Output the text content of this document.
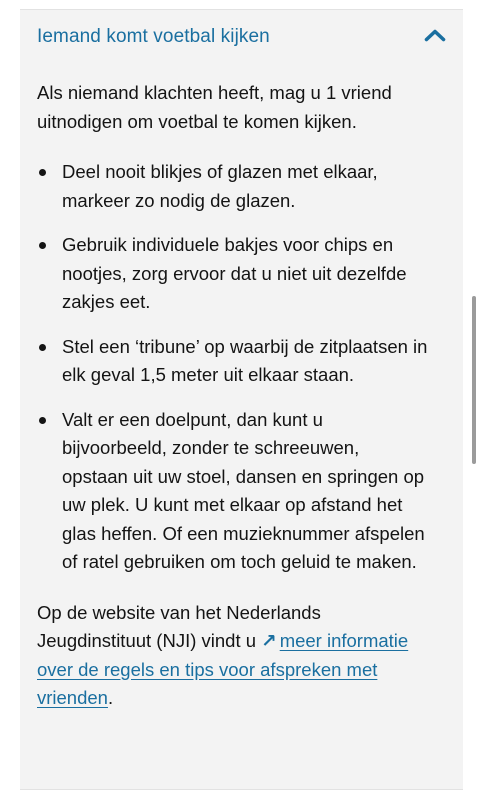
Iemand komt voetbal kijken

Als niemand klachten heeft, mag u 1 vriend uitnodigen om voetbal te komen kijken.

Deel nooit blikjes of glazen met elkaar, markeer zo nodig de glazen.
Gebruik individuele bakjes voor chips en nootjes, zorg ervoor dat u niet uit dezelfde zakjes eet.
Stel een ‘tribune’ op waarbij de zitplaatsen in elk geval 1,5 meter uit elkaar staan.
Valt er een doelpunt, dan kunt u bijvoorbeeld, zonder te schreeuwen, opstaan uit uw stoel, dansen en springen op uw plek. U kunt met elkaar op afstand het glas heffen. Of een muzieknummer afspelen of ratel gebruiken om toch geluid te maken.

Op de website van het Nederlands Jeugdinstituut (NJI) vindt u ↗ meer informatie over de regels en tips voor afspreken met vrienden.
